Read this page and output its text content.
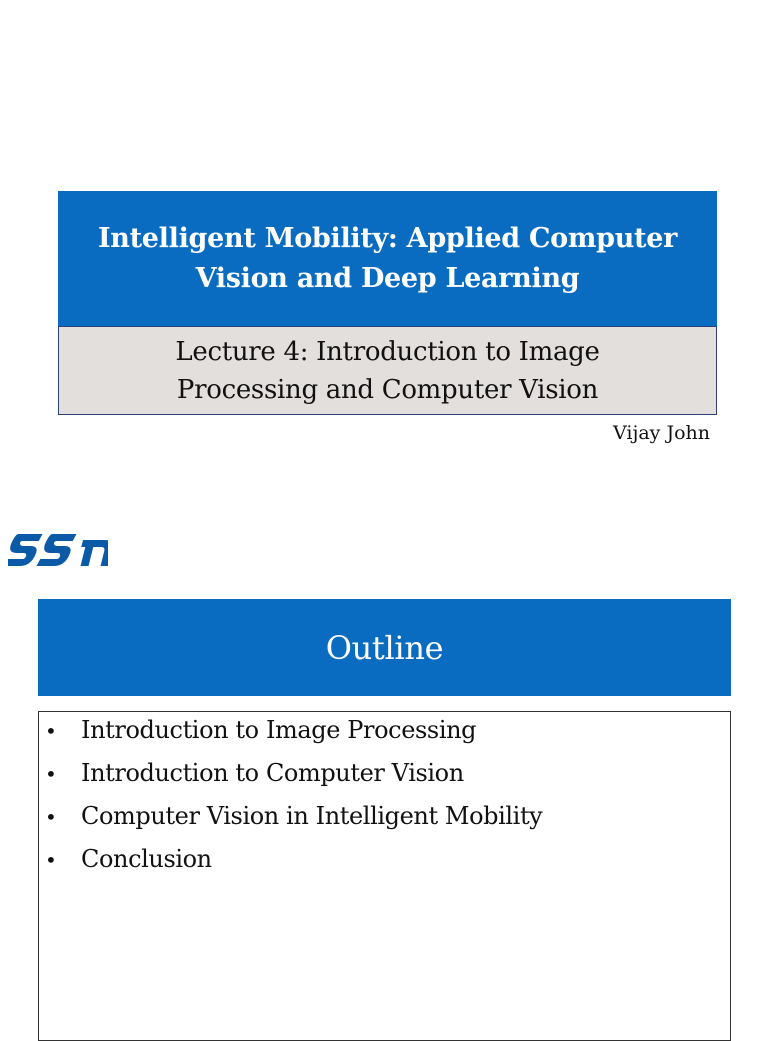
Intelligent Mobility: Applied Computer
Vision and Deep Learning
Lecture 4: Introduction to Image
Processing and Computer Vision
Vijay John
Outline
•	Introduction to Image Processing
•	Introduction to Computer Vision
•	Computer Vision in Intelligent Mobility
•	Conclusion
